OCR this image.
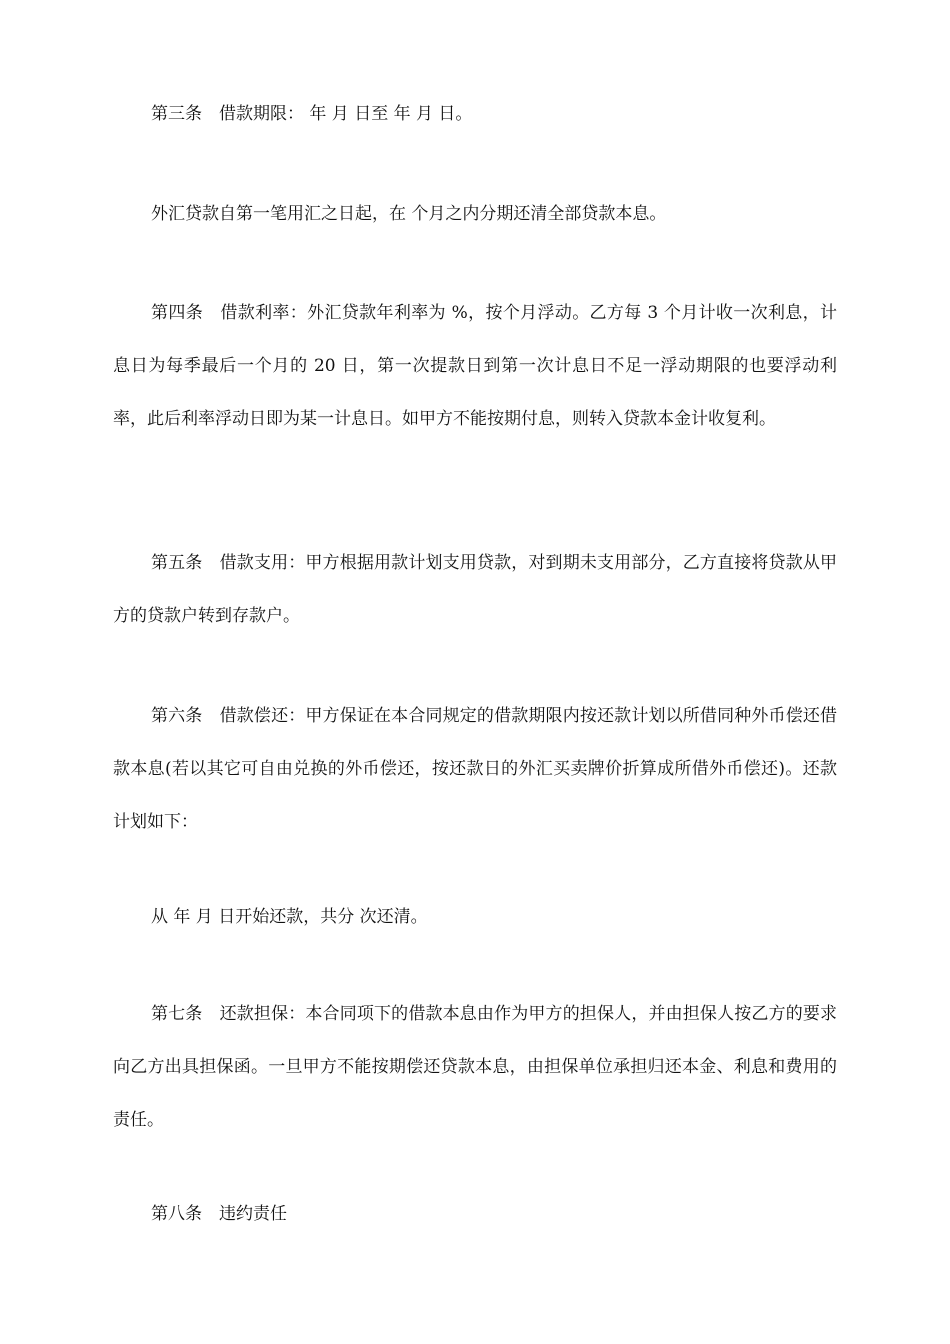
第三条 借款期限： 年 月 日至 年 月 日。

外汇贷款自第一笔用汇之日起，在 个月之内分期还清全部贷款本息。

第四条 借款利率：外汇贷款年利率为 %，按个月浮动。乙方每 3 个月计收一次利息，计息日为每季最后一个月的 20 日，第一次提款日到第一次计息日不足一浮动期限的也要浮动利率，此后利率浮动日即为某一计息日。如甲方不能按期付息，则转入贷款本金计收复利。

第五条 借款支用：甲方根据用款计划支用贷款，对到期未支用部分，乙方直接将贷款从甲方的贷款户转到存款户。

第六条 借款偿还：甲方保证在本合同规定的借款期限内按还款计划以所借同种外币偿还借款本息(若以其它可自由兑换的外币偿还，按还款日的外汇买卖牌价折算成所借外币偿还)。还款计划如下：

从 年 月 日开始还款，共分 次还清。

第七条 还款担保：本合同项下的借款本息由作为甲方的担保人，并由担保人按乙方的要求向乙方出具担保函。一旦甲方不能按期偿还贷款本息，由担保单位承担归还本金、利息和费用的责任。

第八条 违约责任
